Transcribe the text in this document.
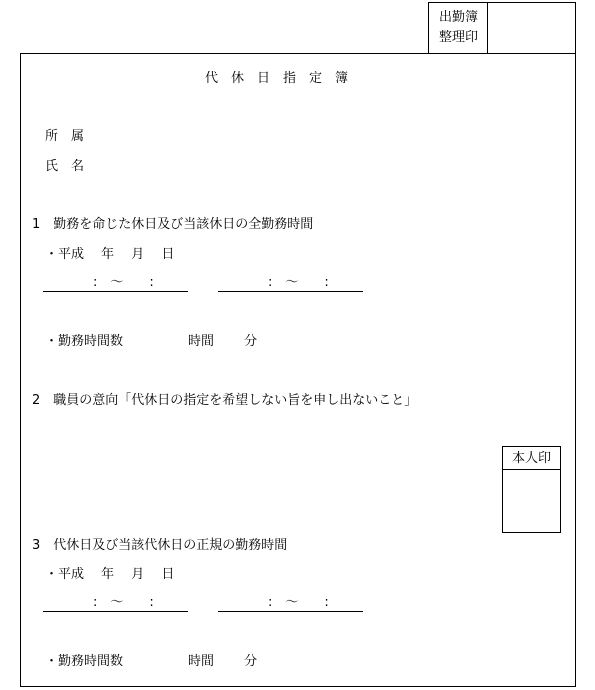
出勤簿
整理印
代　休　日　指　定　簿
所　属
氏　名
1　勤務を命じた休日及び当該休日の全勤務時間
・平成　 年　 月　 日
:　～　　:	:　～　　:
・勤務時間数　　　　　時間　　 分
2　職員の意向「代休日の指定を希望しない旨を申し出ないこと」
本人印
3　代休日及び当該代休日の正規の勤務時間
・平成　 年　 月　 日
:　～　　:	:　～　　:
・勤務時間数　　　　　時間　　 分
